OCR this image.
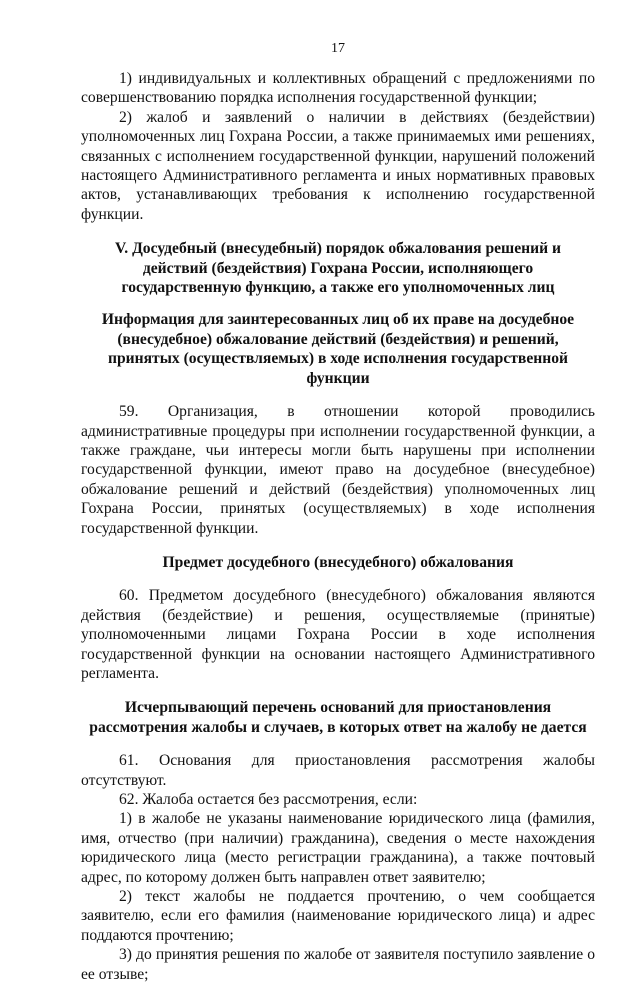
17

1) индивидуальных и коллективных обращений с предложениями по совершенствованию порядка исполнения государственной функции;

2) жалоб и заявлений о наличии в действиях (бездействии) уполномоченных лиц Гохрана России, а также принимаемых ими решениях, связанных с исполнением государственной функции, нарушений положений настоящего Административного регламента и иных нормативных правовых актов, устанавливающих требования к исполнению государственной функции.

V. Досудебный (внесудебный) порядок обжалования решений и действий (бездействия) Гохрана России, исполняющего государственную функцию, а также его уполномоченных лиц
Информация для заинтересованных лиц об их праве на досудебное (внесудебное) обжалование действий (бездействия) и решений, принятых (осуществляемых) в ходе исполнения государственной функции

59. Организация, в отношении которой проводились административные процедуры при исполнении государственной функции, а также граждане, чьи интересы могли быть нарушены при исполнении государственной функции, имеют право на досудебное (внесудебное) обжалование решений и действий (бездействия) уполномоченных лиц Гохрана России, принятых (осуществляемых) в ходе исполнения государственной функции.

Предмет досудебного (внесудебного) обжалования

60. Предметом досудебного (внесудебного) обжалования являются действия (бездействие) и решения, осуществляемые (принятые) уполномоченными лицами Гохрана России в ходе исполнения государственной функции на основании настоящего Административного регламента.

Исчерпывающий перечень оснований для приостановления рассмотрения жалобы и случаев, в которых ответ на жалобу не дается

61. Основания для приостановления рассмотрения жалобы отсутствуют.

62. Жалоба остается без рассмотрения, если:

1) в жалобе не указаны наименование юридического лица (фамилия, имя, отчество (при наличии) гражданина), сведения о месте нахождения юридического лица (место регистрации гражданина), а также почтовый адрес, по которому должен быть направлен ответ заявителю;

2) текст жалобы не поддается прочтению, о чем сообщается заявителю, если его фамилия (наименование юридического лица) и адрес поддаются прочтению;

3) до принятия решения по жалобе от заявителя поступило заявление о ее отзыве;
